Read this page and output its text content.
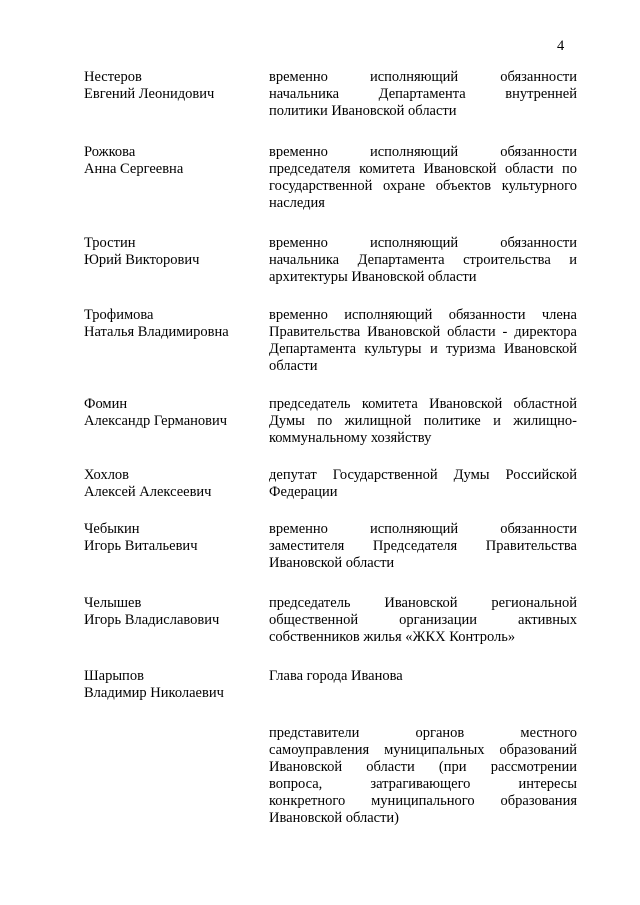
4
Нестеров
Евгений Леонидович
временно исполняющий обязанности
начальника Департамента внутренней
политики Ивановской области
Рожкова
Анна Сергеевна
временно исполняющий обязанности
председателя комитета Ивановской области по
государственной охране объектов культурного
наследия
Тростин
Юрий Викторович
временно исполняющий обязанности
начальника Департамента строительства и
архитектуры Ивановской области
Трофимова
Наталья Владимировна
временно исполняющий обязанности члена
Правительства Ивановской области - директора
Департамента культуры и туризма Ивановской
области
Фомин
Александр Германович
председатель комитета Ивановской областной
Думы по жилищной политике и жилищно-
коммунальному хозяйству
Хохлов
Алексей Алексеевич
депутат Государственной Думы Российской
Федерации
Чебыкин
Игорь Витальевич
временно исполняющий обязанности
заместителя Председателя Правительства
Ивановской области
Челышев
Игорь Владиславович
председатель Ивановской региональной
общественной организации активных
собственников жилья «ЖКХ Контроль»
Шарыпов
Владимир Николаевич
Глава города Иванова
представители органов местного
самоуправления муниципальных образований
Ивановской области (при рассмотрении
вопроса, затрагивающего интересы
конкретного муниципального образования
Ивановской области)
